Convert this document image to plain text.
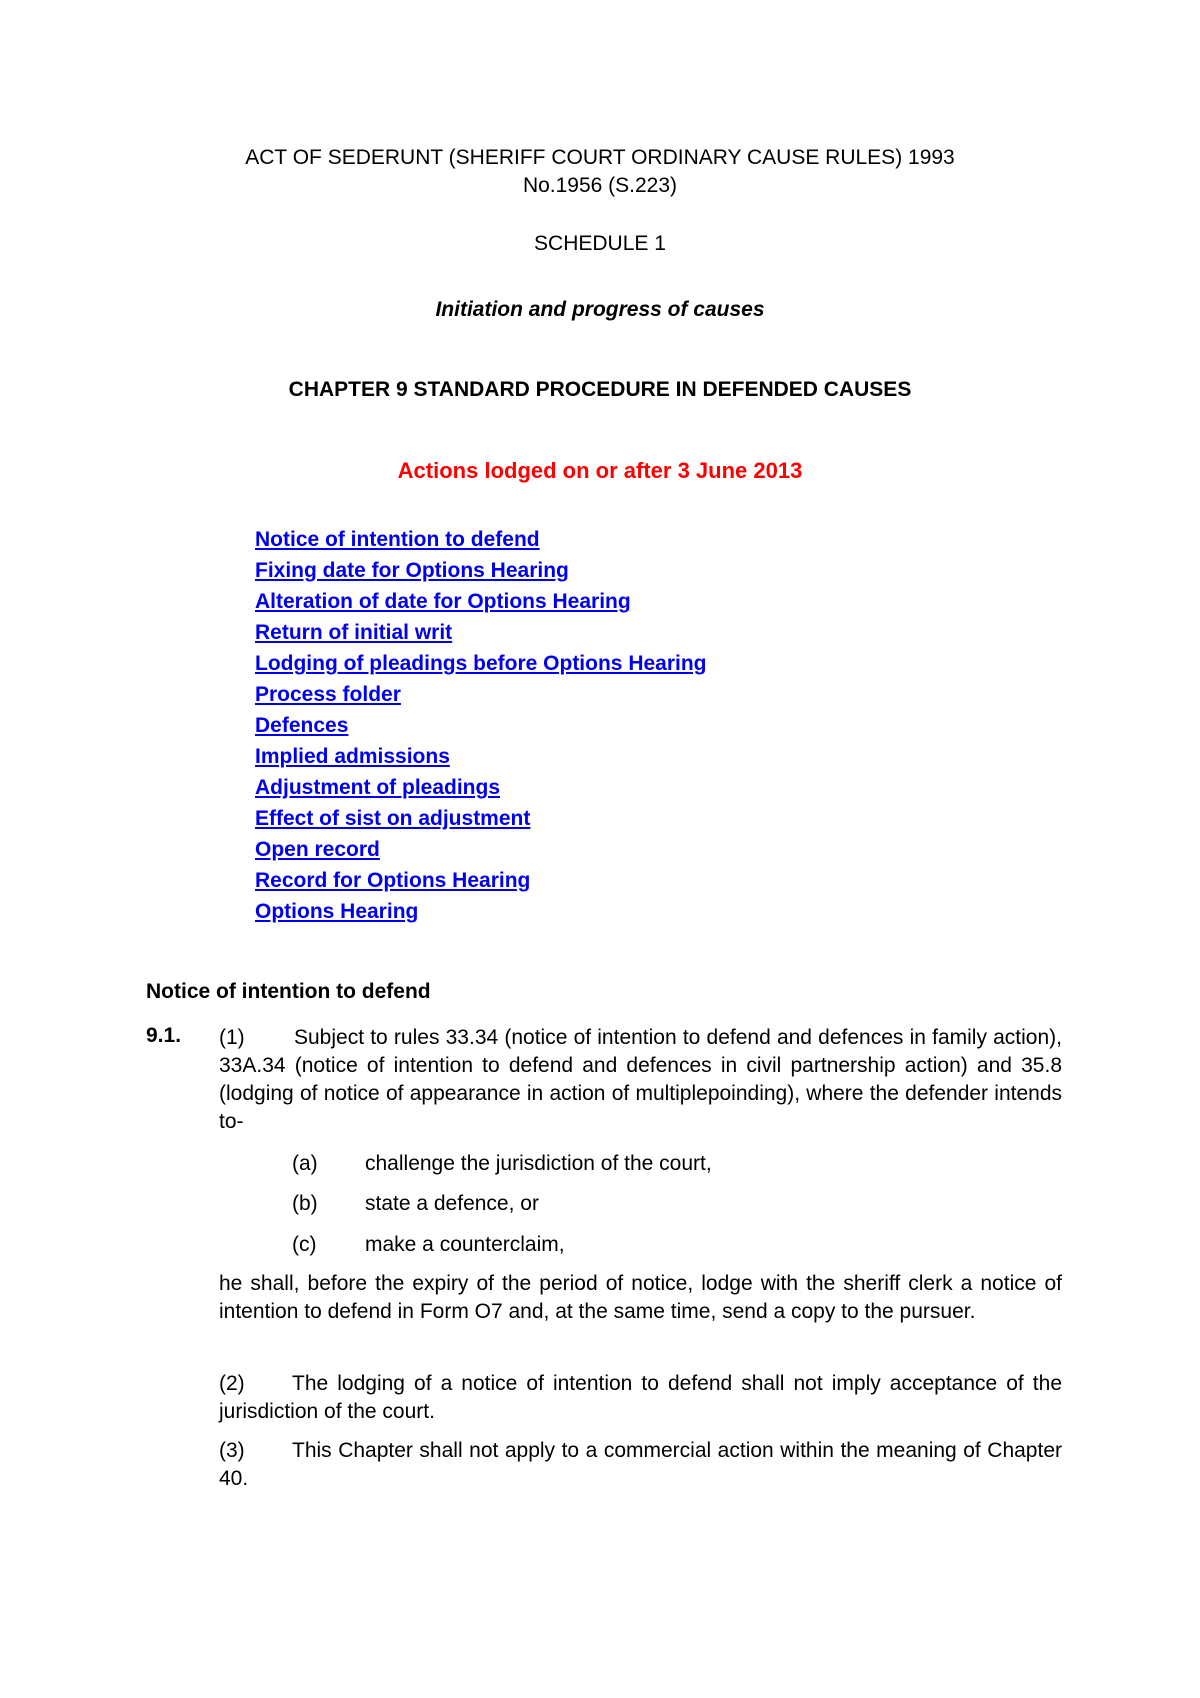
ACT OF SEDERUNT (SHERIFF COURT ORDINARY CAUSE RULES) 1993
No.1956 (S.223)
SCHEDULE 1
Initiation and progress of causes
CHAPTER 9 STANDARD PROCEDURE IN DEFENDED CAUSES
Actions lodged on or after 3 June 2013
Notice of intention to defend
Fixing date for Options Hearing
Alteration of date for Options Hearing
Return of initial writ
Lodging of pleadings before Options Hearing
Process folder
Defences
Implied admissions
Adjustment of pleadings
Effect of sist on adjustment
Open record
Record for Options Hearing
Options Hearing
Notice of intention to defend
9.1. (1) Subject to rules 33.34 (notice of intention to defend and defences in family action), 33A.34 (notice of intention to defend and defences in civil partnership action) and 35.8 (lodging of notice of appearance in action of multiplepoinding), where the defender intends to-
(a) challenge the jurisdiction of the court,
(b) state a defence, or
(c) make a counterclaim,
he shall, before the expiry of the period of notice, lodge with the sheriff clerk a notice of intention to defend in Form O7 and, at the same time, send a copy to the pursuer.
(2) The lodging of a notice of intention to defend shall not imply acceptance of the jurisdiction of the court.
(3) This Chapter shall not apply to a commercial action within the meaning of Chapter 40.
